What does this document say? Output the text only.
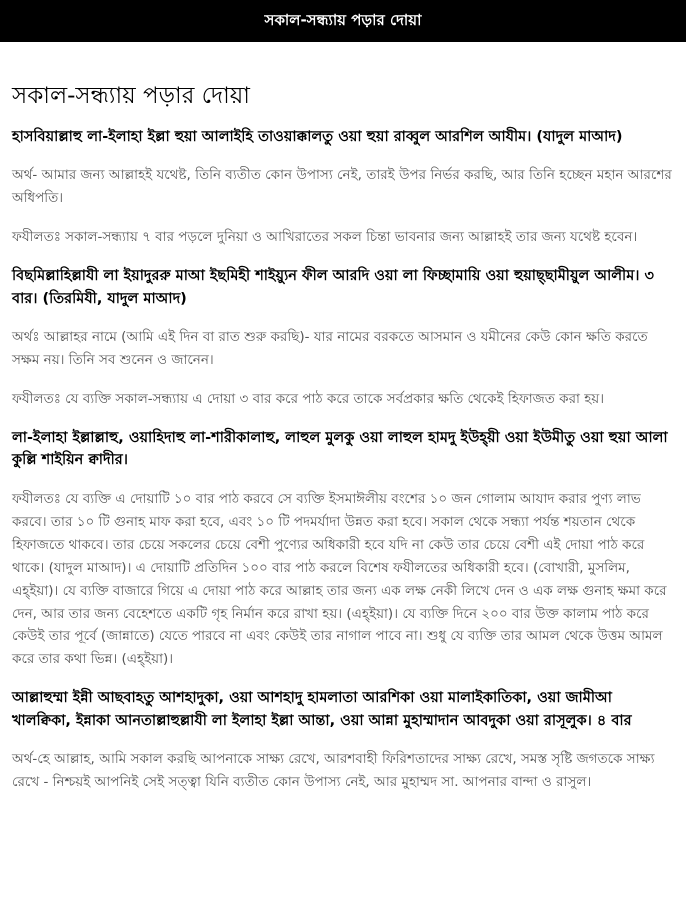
সকাল-সন্ধ্যায় পড়ার দোয়া
সকাল-সন্ধ্যায় পড়ার দোয়া

হাসবিয়াল্লাহু লা-ইলাহা ইল্লা হুয়া আলাইহি তাওয়াক্কালতু ওয়া হুয়া রাব্বুল আরশিল আযীম। (যাদুল মাআদ)

অর্থ- আমার জন্য আল্লাহই যথেষ্ট, তিনি ব্যতীত কোন উপাস্য নেই, তারই উপর নির্ভর করছি, আর তিনি হচ্ছেন মহান আরশের অধিপতি।

ফযীলতঃ সকাল-সন্ধ্যায় ৭ বার পড়লে দুনিয়া ও আখিরাতের সকল চিন্তা ভাবনার জন্য আল্লাহই তার জন্য যথেষ্ট হবেন।

বিছমিল্লাহিল্লাযী লা ইয়াদুররু মাআ ইছমিহী শাইয়্যুন ফীল আরদি ওয়া লা ফিচ্ছামায়ি ওয়া হুয়াছ্ছামীয়ুল আলীম। ৩ বার। (তিরমিযী, যাদুল মাআদ)

অর্থঃ আল্লাহর নামে (আমি এই দিন বা রাত শুরু করছি)- যার নামের বরকতে আসমান ও যমীনের কেউ কোন ক্ষতি করতে সক্ষম নয়। তিনি সব শুনেন ও জানেন।

ফযীলতঃ যে ব্যক্তি সকাল-সন্ধ্যায় এ দোয়া ৩ বার করে পাঠ করে তাকে সর্বপ্রকার ক্ষতি থেকেই হিফাজত করা হয়।

লা-ইলাহা ইল্লাল্লাহু, ওয়াহিদাহু লা-শারীকালাহু, লাহুল মুলকু ওয়া লাহুল হামদু ইউহ্য়ী ওয়া ইউমীতু ওয়া হুয়া আলা কুল্লি শাইয়িন ক্বাদীর।

ফযীলতঃ যে ব্যক্তি এ দোয়াটি ১০ বার পাঠ করবে সে ব্যক্তি ইসমাঈলীয় বংশের ১০ জন গোলাম আযাদ করার পুণ্য লাভ করবে। তার ১০ টি গুনাহ মাফ করা হবে, এবং ১০ টি পদমর্যাদা উন্নত করা হবে। সকাল থেকে সন্ধ্যা পর্যন্ত শয়তান থেকে হিফাজতে থাকবে। তার চেয়ে সকলের চেয়ে বেশী পুণ্যের অধিকারী হবে যদি না কেউ তার চেয়ে বেশী এই দোয়া পাঠ করে থাকে। (যাদুল মাআদ)। এ দোয়াটি প্রতিদিন ১০০ বার পাঠ করলে বিশেষ ফযীলতের অধিকারী হবে। (বোখারী, মুসলিম, এহ্ইয়া)। যে ব্যক্তি বাজারে গিয়ে এ দোয়া পাঠ করে আল্লাহ তার জন্য এক লক্ষ নেকী লিখে দেন ও এক লক্ষ গুনাহ ক্ষমা করে দেন, আর তার জন্য বেহেশতে একটি গৃহ নির্মান করে রাখা হয়। (এহ্ইয়া)। যে ব্যক্তি দিনে ২০০ বার উক্ত কালাম পাঠ করে কেউই তার পূর্বে (জান্নাতে) যেতে পারবে না এবং কেউই তার নাগাল পাবে না। শুধু যে ব্যক্তি তার আমল থেকে উত্তম আমল করে তার কথা ভিন্ন। (এহ্ইয়া)।

আল্লাহুম্মা ইন্নী আছবাহতু আশহাদুকা, ওয়া আশহাদু হামলাতা আরশিকা ওয়া মালাইকাতিকা, ওয়া জামীআ খালক্বিকা, ইন্নাকা আনতাল্লাহুল্লাযী লা ইলাহা ইল্লা আন্তা, ওয়া আন্না মুহাম্মাদান আবদুকা ওয়া রাসূলুক। ৪ বার

অর্থ-হে আল্লাহ, আমি সকাল করছি আপনাকে সাক্ষ্য রেখে, আরশবাহী ফিরিশতাদের সাক্ষ্য রেখে, সমস্ত সৃষ্টি জগতকে সাক্ষ্য রেখে - নিশ্চয়ই আপনিই সেই সত্ত্বা যিনি ব্যতীত কোন উপাস্য নেই, আর মুহাম্মদ সা. আপনার বান্দা ও রাসুল।
